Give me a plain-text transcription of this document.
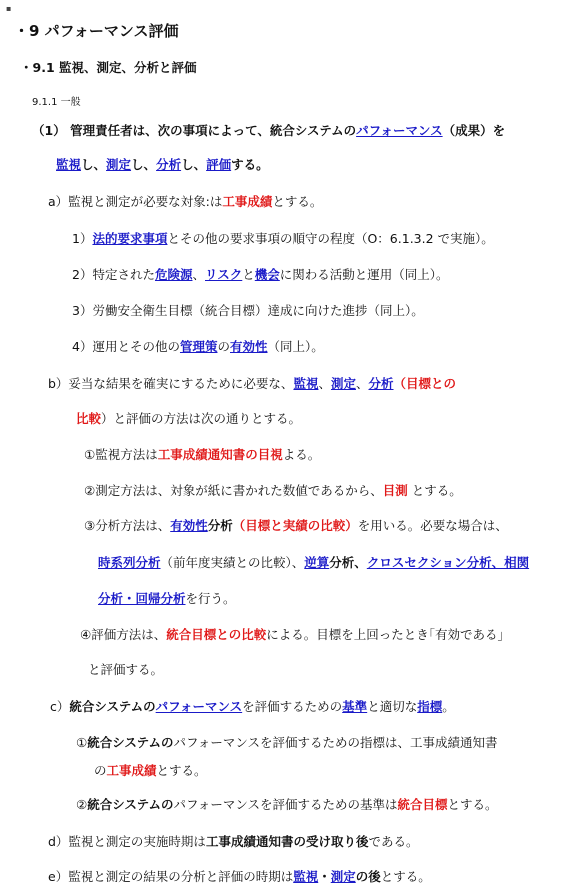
▪
・9 パフォーマンス評価
・9.1 監視、測定、分析と評価
9.1.1 一般
（1） 管理責任者は、次の事項によって、統合システムのパフォーマンス（成果）を
監視し、測定し、分析し、評価する。
a）監視と測定が必要な対象:は工事成績とする。
1）法的要求事項とその他の要求事項の順守の程度（O：6.1.3.2 で実施）。
2）特定された危険源、リスクと機会に関わる活動と運用（同上）。
3）労働安全衛生目標（統合目標）達成に向けた進捗（同上）。
4）運用とその他の管理策の有効性（同上）。
b）妥当な結果を確実にするために必要な、監視、測定、分析（目標との
比較）と評価の方法は次の通りとする。
①監視方法は工事成績通知書の目視よる。
②測定方法は、対象が紙に書かれた数値であるから、目測 とする。
③分析方法は、有効性分析（目標と実績の比較）を用いる。必要な場合は、
時系列分析（前年度実績との比較）、逆算分析、クロスセクション分析、相関
分析・回帰分析を行う。
④評価方法は、統合目標との比較による。目標を上回ったとき｢有効である｣
と評価する。
c）統合システムのパフォーマンスを評価するための基準と適切な指標。
①統合システムのパフォーマンスを評価するための指標は、工事成績通知書
の工事成績とする。
②統合システムのパフォーマンスを評価するための基準は統合目標とする。
d）監視と測定の実施時期は工事成績通知書の受け取り後である。
e）監視と測定の結果の分析と評価の時期は監視・測定の後とする。
